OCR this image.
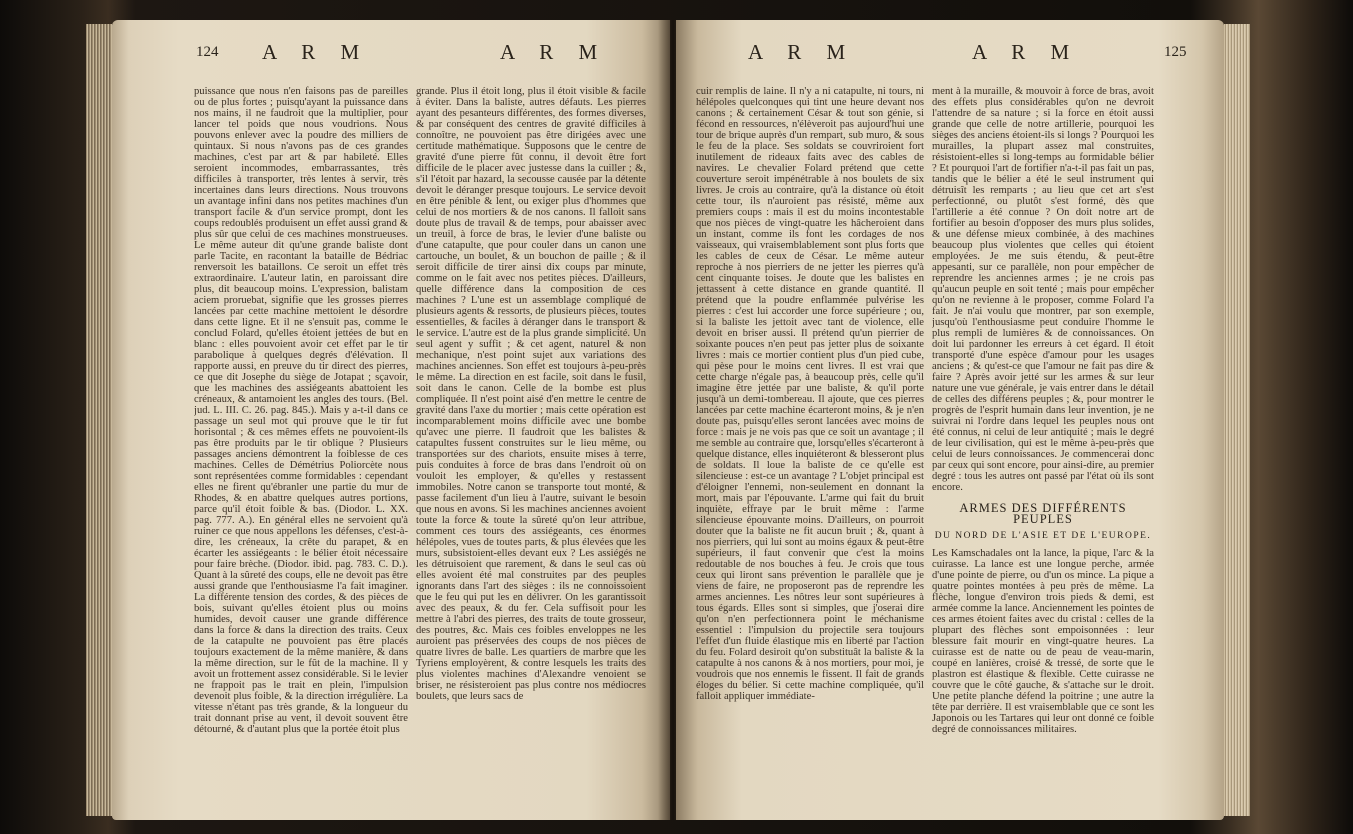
124 A R M	A R M

puissance que nous n'en faisons pas de pareilles ou de plus fortes ; puisqu'ayant la puissance dans nos mains, il ne faudroit que la multiplier, pour lancer tel poids que nous voudrions. Nous pouvons enlever avec la poudre des milliers de quintaux. Si nous n'avons pas de ces grandes machines, c'est par art & par habileté. Elles seroient incommodes, embarrassantes, très difficiles à transporter, très lentes à servir, très incertaines dans leurs directions. Nous trouvons un avantage infini dans nos petites machines d'un transport facile & d'un service prompt, dont les coups redoublés produisent un effet aussi grand & plus sûr que celui de ces machines monstrueuses. Le même auteur dit qu'une grande baliste dont parle Tacite, en racontant la bataille de Bédriac renversoit les bataillons. Ce seroit un effet très extraordinaire. L'auteur latin, en paroissant dire plus, dit beaucoup moins. L'expression, balistam aciem proruebat, signifie que les grosses pierres lancées par cette machine mettoient le désordre dans cette ligne. Et il ne s'ensuit pas, comme le conclud Folard, qu'elles étoient jettées de but en blanc : elles pouvoient avoir cet effet par le tir parabolique à quelques degrés d'élévation. Il rapporte aussi, en preuve du tir direct des pierres, ce que dit Josephe du siège de Jotapat ; sçavoir, que les machines des assiégeants abattoient les créneaux, & antamoient les angles des tours. (Bel. jud. L. III. C. 26. pag. 845.). Mais y a-t-il dans ce passage un seul mot qui prouve que le tir fut horisontal ; & ces mêmes effets ne pouvoient-ils pas être produits par le tir oblique ? Plusieurs passages anciens démontrent la foiblesse de ces machines. Celles de Démétrius Poliorcète nous sont représentées comme formidables : cependant elles ne firent qu'ébranler une partie du mur de Rhodes, & en abattre quelques autres portions, parce qu'il étoit foible & bas. (Diodor. L. XX. pag. 777. A.). En général elles ne servoient qu'à ruiner ce que nous appellons les défenses, c'est-à-dire, les créneaux, la crête du parapet, & en écarter les assiégeants : le bélier étoit nécessaire pour faire brèche. (Diodor. ibid. pag. 783. C. D.). Quant à la sûreté des coups, elle ne devoit pas être aussi grande que l'enthousiasme l'a fait imaginer. La différente tension des cordes, & des pièces de bois, suivant qu'elles étoient plus ou moins humides, devoit causer une grande différence dans la force & dans la direction des traits. Ceux de la catapulte ne pouvoient pas être placés toujours exactement de la même manière, & dans la même direction, sur le fût de la machine. Il y avoit un frottement assez considérable. Si le levier ne frappoit pas le trait en plein, l'impulsion devenoit plus foible, & la direction irrégulière. La vitesse n'étant pas très grande, & la longueur du trait donnant prise au vent, il devoit souvent être détourné, & d'autant plus que la portée étoit plus

grande. Plus il étoit long, plus il étoit visible & facile à éviter. Dans la baliste, autres défauts. Les pierres ayant des pesanteurs différentes, des formes diverses, & par conséquent des centres de gravité difficiles à connoître, ne pouvoient pas être dirigées avec une certitude mathématique. Supposons que le centre de gravité d'une pierre fût connu, il devoit être fort difficile de le placer avec justesse dans la cuiller ; &, s'il l'étoit par hazard, la secousse causée par la détente devoit le déranger presque toujours. Le service devoit en être pénible & lent, ou exiger plus d'hommes que celui de nos mortiers & de nos canons. Il falloit sans doute plus de travail & de temps, pour abaisser avec un treuil, à force de bras, le levier d'une baliste ou d'une catapulte, que pour couler dans un canon une cartouche, un boulet, & un bouchon de paille ; & il seroit difficile de tirer ainsi dix coups par minute, comme on le fait avec nos petites pièces. D'ailleurs, quelle différence dans la composition de ces machines ? L'une est un assemblage compliqué de plusieurs agents & ressorts, de plusieurs pièces, toutes essentielles, & faciles à déranger dans le transport & le service. L'autre est de la plus grande simplicité. Un seul agent y suffit ; & cet agent, naturel & non mechanique, n'est point sujet aux variations des machines anciennes. Son effet est toujours à-peu-près le même. La direction en est facile, soit dans le fusil, soit dans le canon. Celle de la bombe est plus compliquée. Il n'est point aisé d'en mettre le centre de gravité dans l'axe du mortier ; mais cette opération est incomparablement moins difficile avec une bombe qu'avec une pierre. Il faudroit que les balistes & catapultes fussent construites sur le lieu même, ou transportées sur des chariots, ensuite mises à terre, puis conduites à force de bras dans l'endroit où on vouloit les employer, & qu'elles y restassent immobiles. Notre canon se transporte tout monté, & passe facilement d'un lieu à l'autre, suivant le besoin que nous en avons. Si les machines anciennes avoient toute la force & toute la sûreté qu'on leur attribue, comment ces tours des assiégeants, ces énormes hélépoles, vues de toutes parts, & plus élevées que les murs, subsistoient-elles devant eux ? Les assiégés ne les détruisoient que rarement, & dans le seul cas où elles avoient été mal construites par des peuples ignorants dans l'art des sièges : ils ne connoissoient que le feu qui put les en délivrer. On les garantissoit avec des peaux, & du fer. Cela suffisoit pour les mettre à l'abri des pierres, des traits de toute grosseur, des poutres, &c. Mais ces foibles enveloppes ne les auroient pas préservées des coups de nos pièces de quatre livres de balle. Les quartiers de marbre que les Tyriens employèrent, & contre lesquels les traits des plus violentes machines d'Alexandre venoient se briser, ne résisteroient pas plus contre nos médiocres boulets, que leurs sacs de

A R M	A R M	125

cuir remplis de laine. Il n'y a ni catapulte, ni tours, ni hélépoles quelconques qui tint une heure devant nos canons ; & certainement César & tout son génie, si fécond en ressources, n'élèveroit pas aujourd'hui une tour de brique auprès d'un rempart, sub muro, & sous le feu de la place. Ses soldats se couvriroient fort inutilement de rideaux faits avec des cables de navires. Le chevalier Folard prétend que cette couverture seroit impénétrable à nos boulets de six livres. Je crois au contraire, qu'à la distance où étoit cette tour, ils n'auroient pas résisté, même aux premiers coups : mais il est du moins incontestable que nos pièces de vingt-quatre les hâcheroient dans un instant, comme ils font les cordages de nos vaisseaux, qui vraisemblablement sont plus forts que les cables de ceux de César. Le même auteur reproche à nos pierriers de ne jetter les pierres qu'à cent cinquante toises. Je doute que les balistes en jettassent à cette distance en grande quantité. Il prétend que la poudre enflammée pulvérise les pierres : c'est lui accorder une force supérieure ; ou, si la baliste les jettoit avec tant de violence, elle devoit en briser aussi. Il prétend qu'un pierrier de soixante pouces n'en peut pas jetter plus de soixante livres : mais ce mortier contient plus d'un pied cube, qui pèse pour le moins cent livres. Il est vrai que cette charge n'égale pas, à beaucoup près, celle qu'il imagine être jettée par une baliste, & qu'il porte jusqu'à un demi-tombereau. Il ajoute, que ces pierres lancées par cette machine écarteront moins, & je n'en doute pas, puisqu'elles seront lancées avec moins de force : mais je ne vois pas que ce soit un avantage ; il me semble au contraire que, lorsqu'elles s'écarteront à quelque distance, elles inquiéteront & blesseront plus de soldats. Il loue la baliste de ce qu'elle est silencieuse : est-ce un avantage ? L'objet principal est d'éloigner l'ennemi, non-seulement en donnant la mort, mais par l'épouvante. L'arme qui fait du bruit inquiète, effraye par le bruit même : l'arme silencieuse épouvante moins. D'ailleurs, on pourroit douter que la baliste ne fit aucun bruit ; &, quant à nos pierriers, qui lui sont au moins égaux & peut-être supérieurs, il faut convenir que c'est la moins redoutable de nos bouches à feu. Je crois que tous ceux qui liront sans prévention le parallèle que je viens de faire, ne proposeront pas de reprendre les armes anciennes. Les nôtres leur sont supérieures à tous égards. Elles sont si simples, que j'oserai dire qu'on n'en perfectionnera point le méchanisme essentiel : l'impulsion du projectile sera toujours l'effet d'un fluide élastique mis en liberté par l'action du feu. Folard desiroit qu'on substituât la baliste & la catapulte à nos canons & à nos mortiers, pour moi, je voudrois que nos ennemis le fissent. Il fait de grands éloges du bélier. Si cette machine compliquée, qu'il falloit appliquer immédiate-

ment à la muraille, & mouvoir à force de bras, avoit des effets plus considérables qu'on ne devroit l'attendre de sa nature ; si la force en étoit aussi grande que celle de notre artillerie, pourquoi les sièges des anciens étoient-ils si longs ? Pourquoi les murailles, la plupart assez mal construites, résistoient-elles si long-temps au formidable bélier ? Et pourquoi l'art de fortifier n'a-t-il pas fait un pas, tandis que le bélier a été le seul instrument qui détruisît les remparts ; au lieu que cet art s'est perfectionné, ou plutôt s'est formé, dès que l'artillerie a été connue ? On doit notre art de fortifier au besoin d'opposer des murs plus solides, & une défense mieux combinée, à des machines beaucoup plus violentes que celles qui étoient employées. Je me suis étendu, & peut-être appesanti, sur ce parallèle, non pour empêcher de reprendre les anciennes armes ; je ne crois pas qu'aucun peuple en soit tenté ; mais pour empêcher qu'on ne revienne à le proposer, comme Folard l'a fait. Je n'ai voulu que montrer, par son exemple, jusqu'où l'enthousiasme peut conduire l'homme le plus rempli de lumières & de connoissances. On doit lui pardonner les erreurs à cet égard. Il étoit transporté d'une espèce d'amour pour les usages anciens ; & qu'est-ce que l'amour ne fait pas dire & faire ? Après avoir jetté sur les armes & sur leur nature une vue générale, je vais entrer dans le détail de celles des différens peuples ; &, pour montrer le progrès de l'esprit humain dans leur invention, je ne suivrai ni l'ordre dans lequel les peuples nous ont été connus, ni celui de leur antiquité ; mais le degré de leur civilisation, qui est le même à-peu-près que celui de leurs connoissances. Je commencerai donc par ceux qui sont encore, pour ainsi-dire, au premier degré : tous les autres ont passé par l'état où ils sont encore.

ARMES DES DIFFÉRENTS PEUPLES
DU NORD DE L'ASIE ET DE L'EUROPE.

Les Kamschadales ont la lance, la pique, l'arc & la cuirasse. La lance est une longue perche, armée d'une pointe de pierre, ou d'un os mince. La pique a quatre pointes montées à peu près de même. La flèche, longue d'environ trois pieds & demi, est armée comme la lance. Anciennement les pointes de ces armes étoient faites avec du cristal : celles de la plupart des flèches sont empoisonnées : leur blessure fait mourir en vingt-quatre heures. La cuirasse est de natte ou de peau de veau-marin, coupé en lanières, croisé & tressé, de sorte que le plastron est élastique & flexible. Cette cuirasse ne couvre que le côté gauche, & s'attache sur le droit. Une petite planche défend la poitrine ; une autre la tête par derrière. Il est vraisemblable que ce sont les Japonois ou les Tartares qui leur ont donné ce foible degré de connoissances militaires.
